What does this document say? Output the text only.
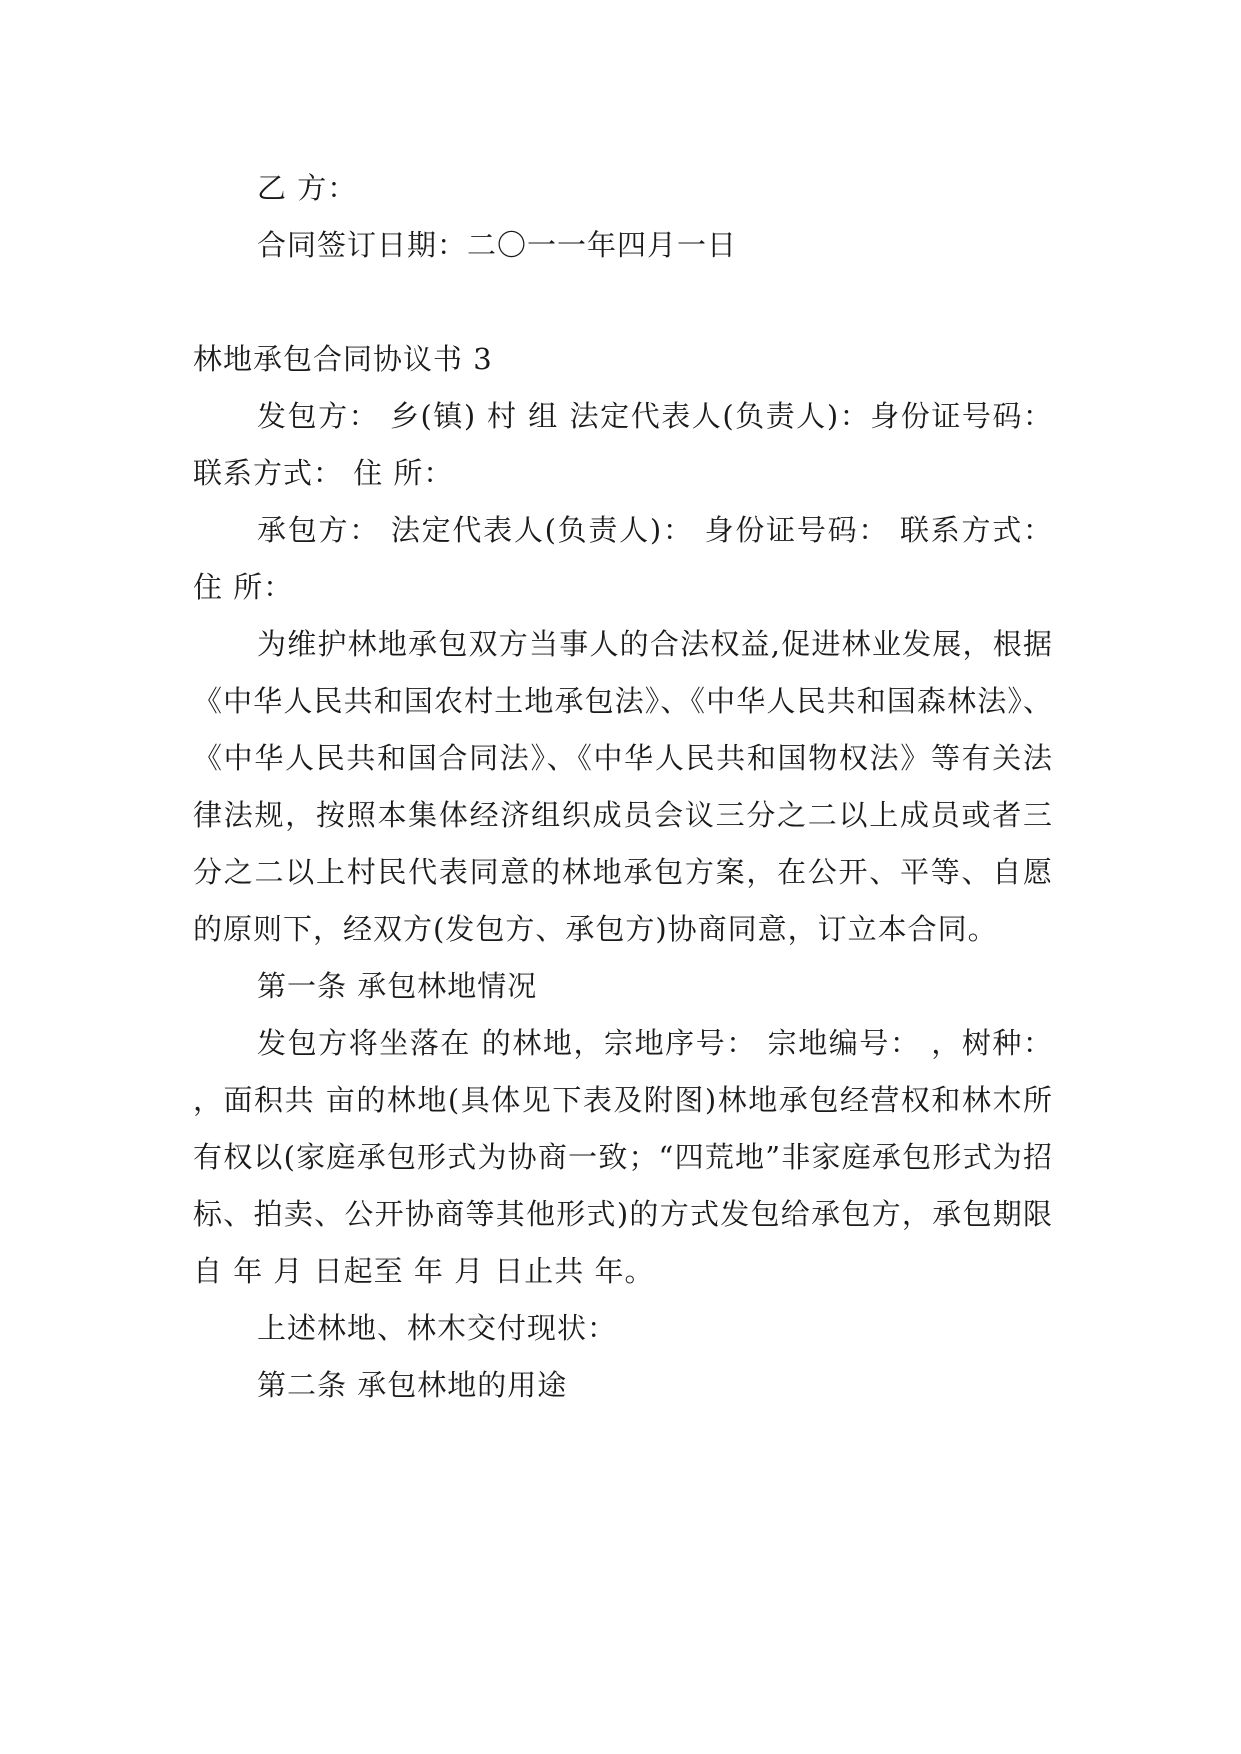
乙 方：

合同签订日期：二〇一一年四月一日

林地承包合同协议书 3

发包方： 乡(镇) 村 组 法定代表人(负责人)：身份证号码： 联系方式： 住 所：

承包方： 法定代表人(负责人)： 身份证号码： 联系方式： 住 所：

为维护林地承包双方当事人的合法权益,促进林业发展，根据《中华人民共和国农村土地承包法》、《中华人民共和国森林法》、《中华人民共和国合同法》、《中华人民共和国物权法》等有关法律法规，按照本集体经济组织成员会议三分之二以上成员或者三分之二以上村民代表同意的林地承包方案，在公开、平等、自愿的原则下，经双方(发包方、承包方)协商同意，订立本合同。

第一条 承包林地情况

发包方将坐落在 的林地，宗地序号： 宗地编号： ，树种： ，面积共 亩的林地(具体见下表及附图)林地承包经营权和林木所有权以(家庭承包形式为协商一致；“四荒地”非家庭承包形式为招标、拍卖、公开协商等其他形式)的方式发包给承包方，承包期限自 年 月 日起至 年 月 日止共 年。

上述林地、林木交付现状：

第二条 承包林地的用途
